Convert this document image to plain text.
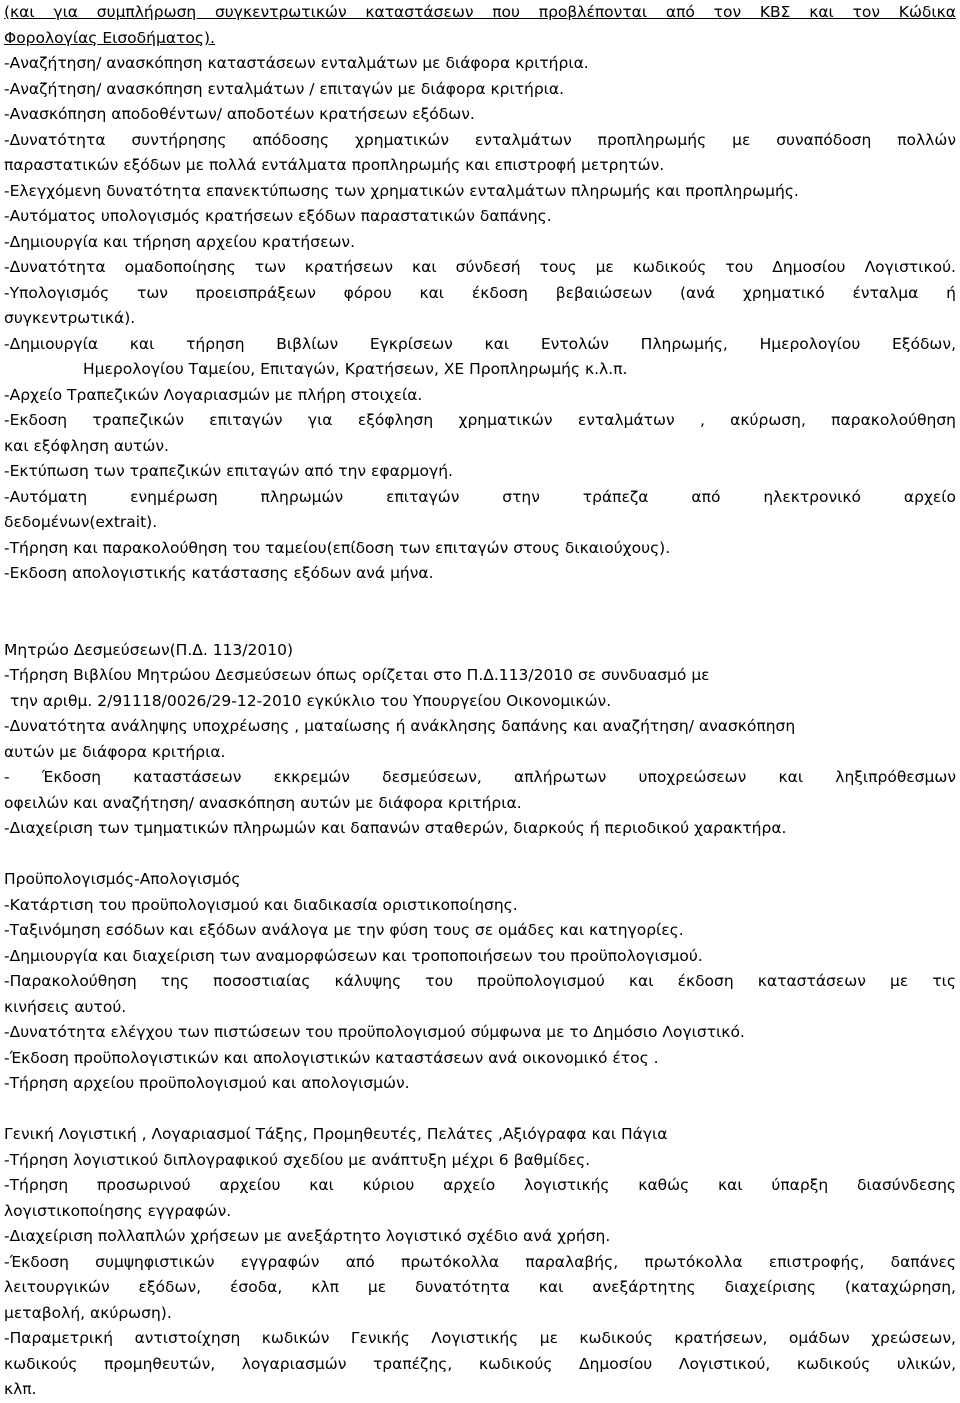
(και για συμπλήρωση συγκεντρωτικών καταστάσεων που προβλέπονται από τον ΚΒΣ και τον Κώδικα
Φορολογίας Εισοδήματος).
-Αναζήτηση/ ανασκόπηση καταστάσεων ενταλμάτων με διάφορα κριτήρια.
-Αναζήτηση/ ανασκόπηση ενταλμάτων / επιταγών με διάφορα κριτήρια.
-Ανασκόπηση αποδοθέντων/ αποδοτέων κρατήσεων εξόδων.
-Δυνατότητα συντήρησης απόδοσης χρηματικών ενταλμάτων προπληρωμής με συναπόδοση πολλών
παραστατικών εξόδων με πολλά εντάλματα προπληρωμής και επιστροφή μετρητών.
-Ελεγχόμενη δυνατότητα επανεκτύπωσης των χρηματικών ενταλμάτων πληρωμής και προπληρωμής.
-Αυτόματος υπολογισμός κρατήσεων εξόδων παραστατικών δαπάνης.
-Δημιουργία και τήρηση αρχείου κρατήσεων.
-Δυνατότητα ομαδοποίησης των κρατήσεων και σύνδεσή τους με κωδικούς του Δημοσίου Λογιστικού.
-Υπολογισμός των προεισπράξεων φόρου και έκδοση βεβαιώσεων (ανά χρηματικό ένταλμα ή
συγκεντρωτικά).
-Δημιουργία και τήρηση Βιβλίων Εγκρίσεων και Εντολών Πληρωμής, Ημερολογίου Εξόδων,
Ημερολογίου Ταμείου, Επιταγών, Κρατήσεων, ΧΕ Προπληρωμής κ.λ.π.
-Αρχείο Τραπεζικών Λογαριασμών με πλήρη στοιχεία.
-Εκδοση τραπεζικών επιταγών για εξόφληση χρηματικών ενταλμάτων , ακύρωση, παρακολούθηση
και εξόφληση αυτών.
-Εκτύπωση των τραπεζικών επιταγών από την εφαρμογή.
-Αυτόματη ενημέρωση πληρωμών επιταγών στην τράπεζα από ηλεκτρονικό αρχείο
δεδομένων(extrait).
-Τήρηση και παρακολούθηση του ταμείου(επίδοση των επιταγών στους δικαιούχους).
-Εκδοση απολογιστικής κατάστασης εξόδων ανά μήνα.
Μητρώο Δεσμεύσεων(Π.Δ. 113/2010)
-Τήρηση Βιβλίου Μητρώου Δεσμεύσεων όπως ορίζεται στο Π.Δ.113/2010 σε συνδυασμό με
την αριθμ. 2/91118/0026/29-12-2010 εγκύκλιο του Υπουργείου Οικονομικών.
-Δυνατότητα ανάληψης υποχρέωσης , ματαίωσης ή ανάκλησης δαπάνης και αναζήτηση/ ανασκόπηση
αυτών με διάφορα κριτήρια.
- Έκδοση καταστάσεων εκκρεμών δεσμεύσεων, απλήρωτων υποχρεώσεων και ληξιπρόθεσμων
οφειλών και αναζήτηση/ ανασκόπηση αυτών με διάφορα κριτήρια.
-Διαχείριση των τμηματικών πληρωμών και δαπανών σταθερών, διαρκούς ή περιοδικού χαρακτήρα.
Προϋπολογισμός-Απολογισμός
-Κατάρτιση του προϋπολογισμού και διαδικασία οριστικοποίησης.
-Ταξινόμηση εσόδων και εξόδων ανάλογα με την φύση τους σε ομάδες και κατηγορίες.
-Δημιουργία και διαχείριση των αναμορφώσεων και τροποποιήσεων του προϋπολογισμού.
-Παρακολούθηση της ποσοστιαίας κάλυψης του προϋπολογισμού και έκδοση καταστάσεων με τις
κινήσεις αυτού.
-Δυνατότητα ελέγχου των πιστώσεων του προϋπολογισμού σύμφωνα με το Δημόσιο Λογιστικό.
-Έκδοση προϋπολογιστικών και απολογιστικών καταστάσεων ανά οικονομικό έτος .
-Τήρηση αρχείου προϋπολογισμού και απολογισμών.
Γενική Λογιστική , Λογαριασμοί Τάξης, Προμηθευτές, Πελάτες ,Αξιόγραφα και Πάγια
-Τήρηση λογιστικού διπλογραφικού σχεδίου με ανάπτυξη μέχρι 6 βαθμίδες.
-Τήρηση προσωρινού αρχείου και κύριου αρχείο λογιστικής καθώς και ύπαρξη διασύνδεσης
λογιστικοποίησης εγγραφών.
-Διαχείριση πολλαπλών χρήσεων με ανεξάρτητο λογιστικό σχέδιο ανά χρήση.
-Έκδοση συμψηφιστικών εγγραφών από πρωτόκολλα παραλαβής, πρωτόκολλα επιστροφής, δαπάνες
λειτουργικών εξόδων, έσοδα, κλπ με δυνατότητα και ανεξάρτητης διαχείρισης (καταχώρηση,
μεταβολή, ακύρωση).
-Παραμετρική αντιστοίχηση κωδικών Γενικής Λογιστικής με κωδικούς κρατήσεων, ομάδων χρεώσεων,
κωδικούς προμηθευτών, λογαριασμών τραπέζης, κωδικούς Δημοσίου Λογιστικού, κωδικούς υλικών,
κλπ.
